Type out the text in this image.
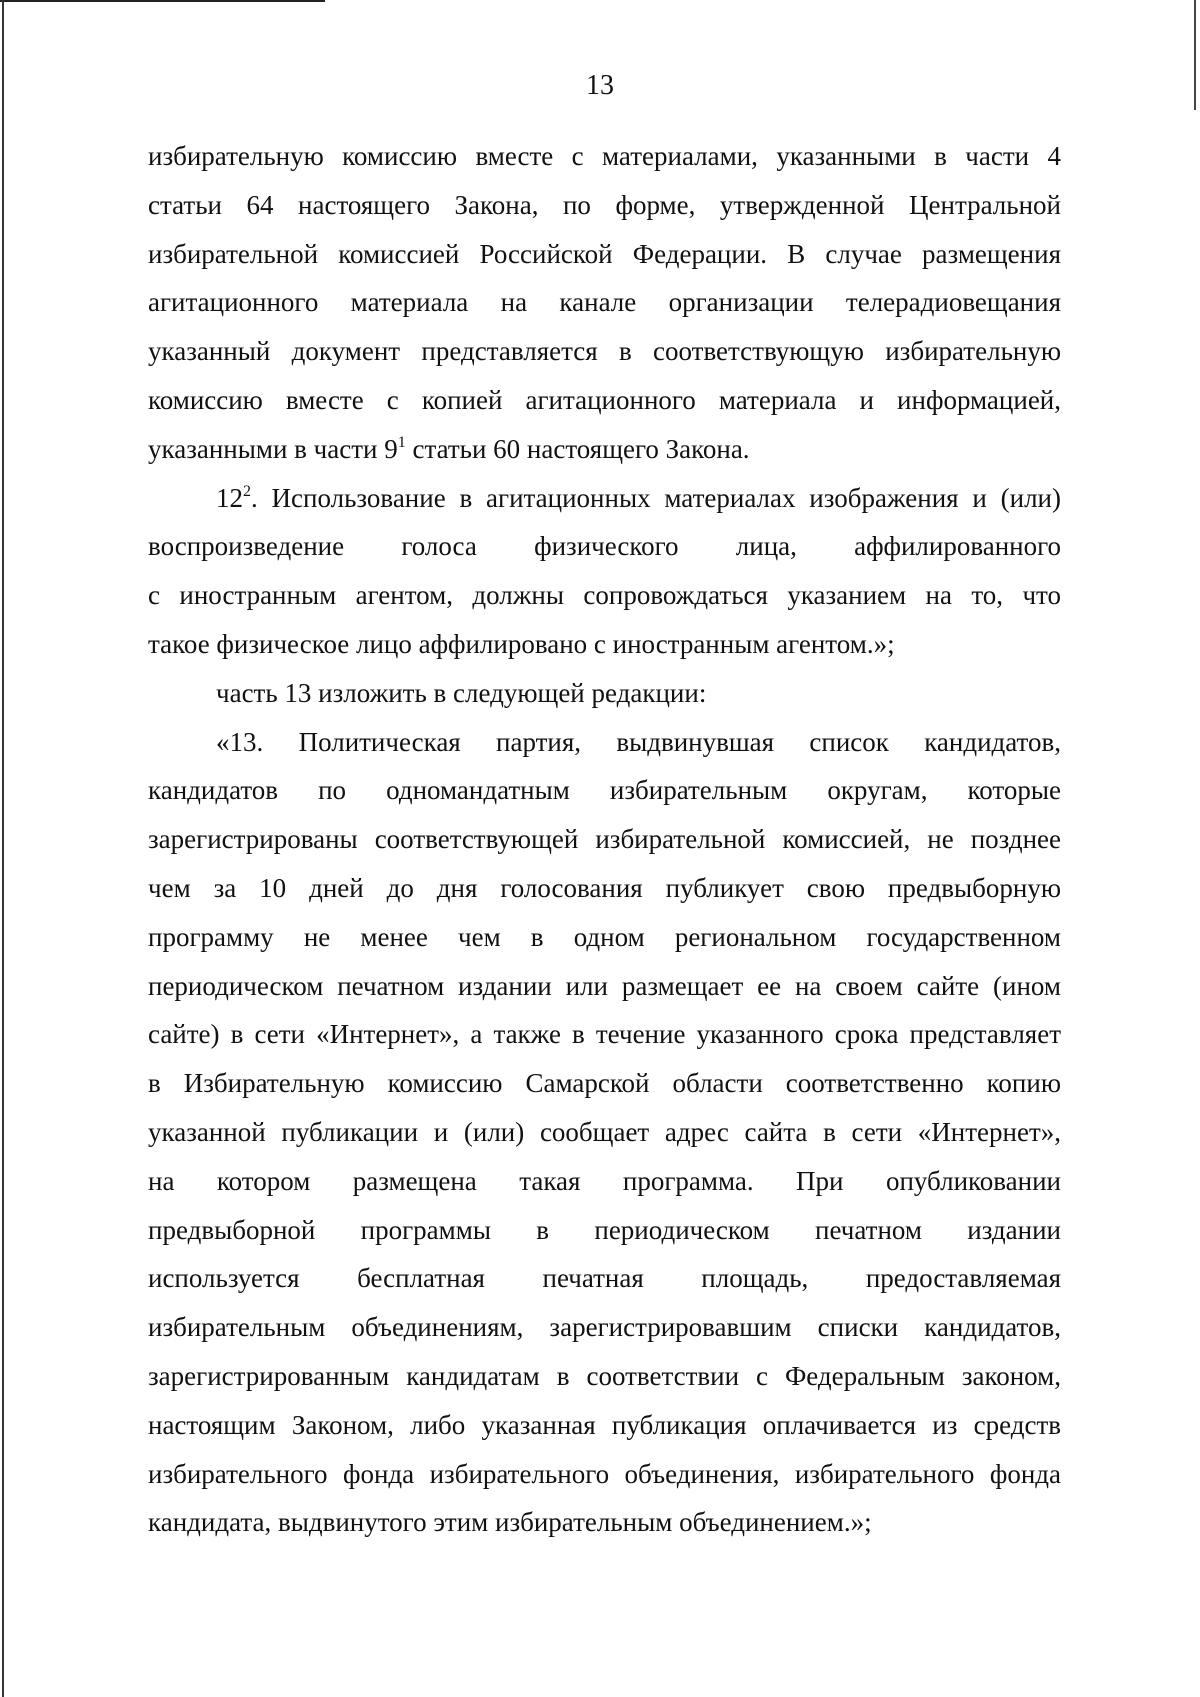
13
избирательную комиссию вместе с материалами, указанными в части 4
статьи 64 настоящего Закона, по форме, утвержденной Центральной
избирательной комиссией Российской Федерации. В случае размещения
агитационного материала на канале организации телерадиовещания
указанный документ представляется в соответствующую избирательную
комиссию вместе с копией агитационного материала и информацией,
указанными в части $9^1$ статьи 60 настоящего Закона.
$12^2$. Использование в агитационных материалах изображения и (или)
воспроизведение голоса физического лица, аффилированного
с иностранным агентом, должны сопровождаться указанием на то, что
такое физическое лицо аффилировано с иностранным агентом.»;
часть 13 изложить в следующей редакции:
«13. Политическая партия, выдвинувшая список кандидатов,
кандидатов по одномандатным избирательным округам, которые
зарегистрированы соответствующей избирательной комиссией, не позднее
чем за 10 дней до дня голосования публикует свою предвыборную
программу не менее чем в одном региональном государственном
периодическом печатном издании или размещает ее на своем сайте (ином
сайте) в сети «Интернет», а также в течение указанного срока представляет
в Избирательную комиссию Самарской области соответственно копию
указанной публикации и (или) сообщает адрес сайта в сети «Интернет»,
на котором размещена такая программа. При опубликовании
предвыборной программы в периодическом печатном издании
используется бесплатная печатная площадь, предоставляемая
избирательным объединениям, зарегистрировавшим списки кандидатов,
зарегистрированным кандидатам в соответствии с Федеральным законом,
настоящим Законом, либо указанная публикация оплачивается из средств
избирательного фонда избирательного объединения, избирательного фонда
кандидата, выдвинутого этим избирательным объединением.»;
